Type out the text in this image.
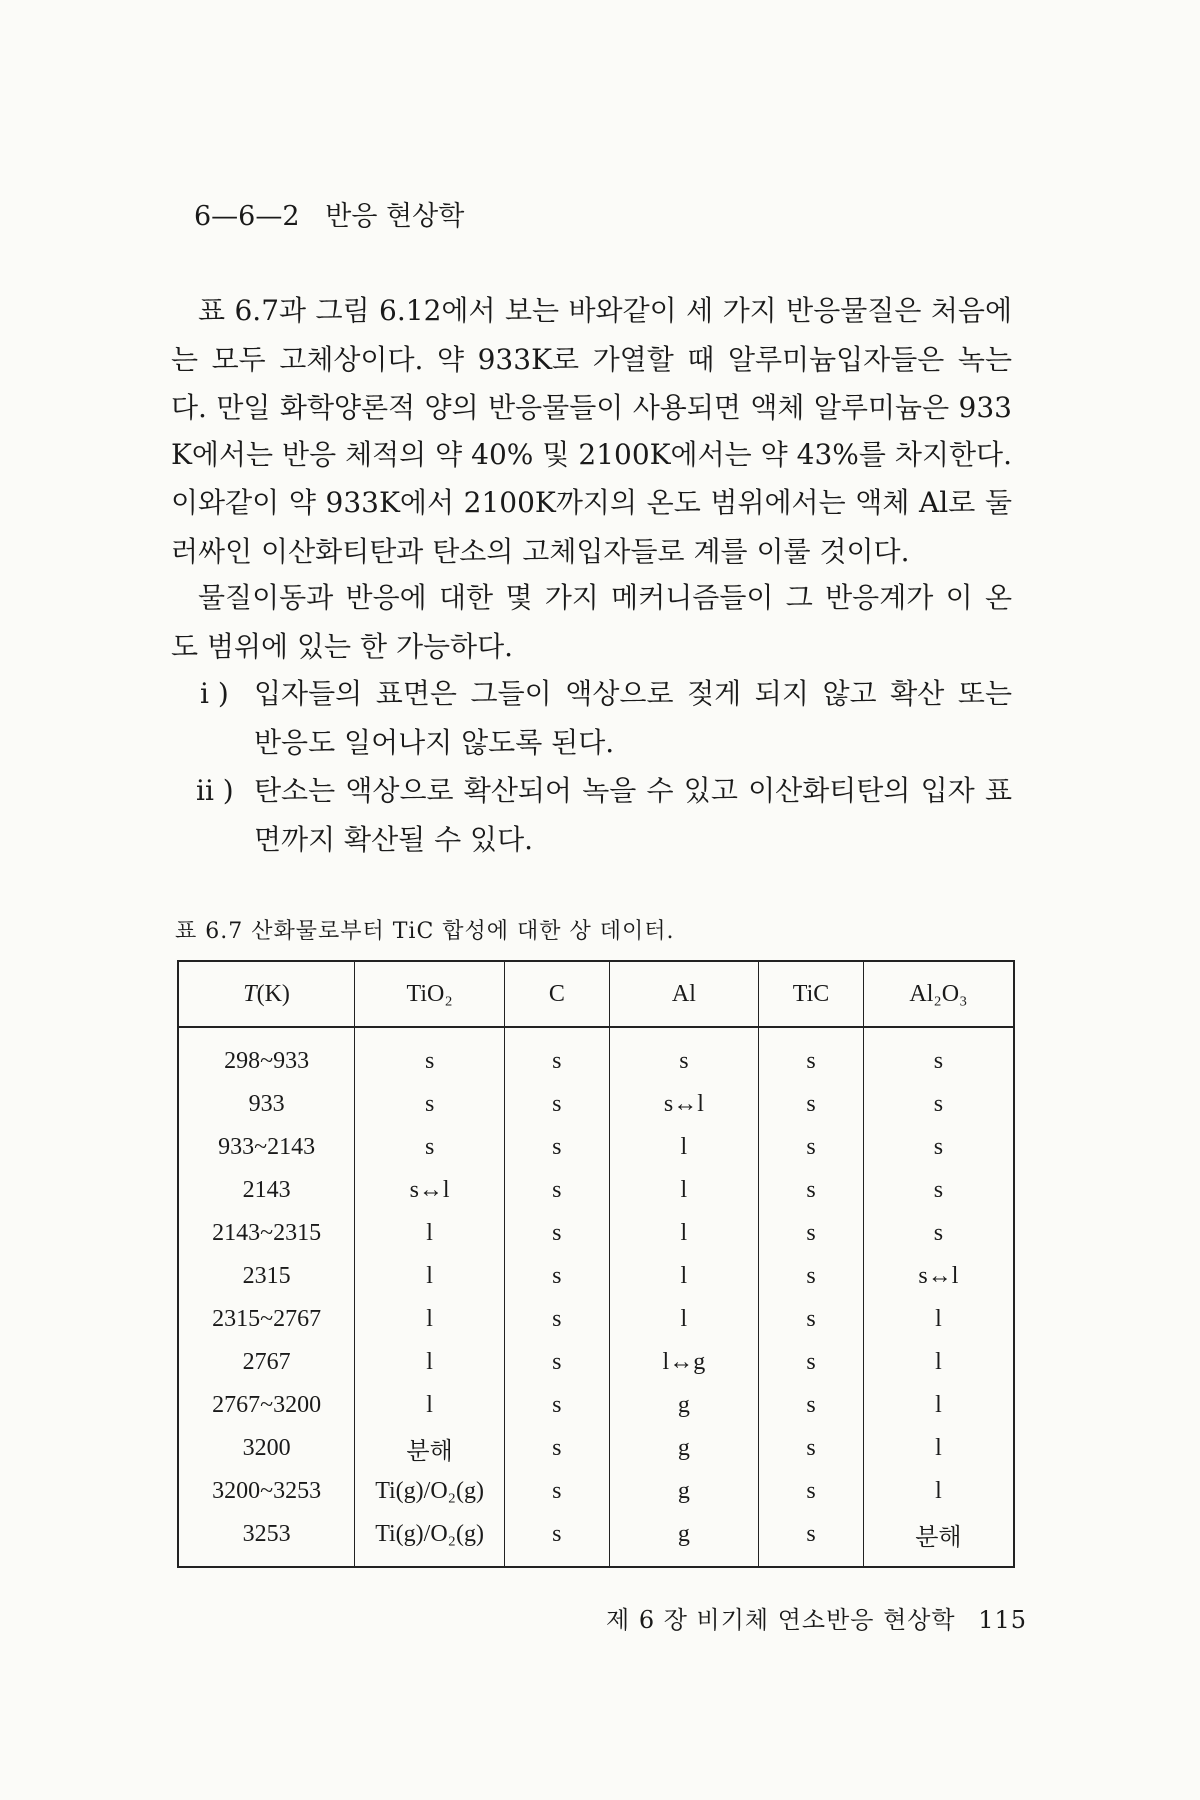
6—6—2 반응 현상학
표 6.7과 그림 6.12에서 보는 바와같이 세 가지 반응물질은 처음에
는 모두 고체상이다. 약 933K로 가열할 때 알루미늄입자들은 녹는
다. 만일 화학양론적 양의 반응물들이 사용되면 액체 알루미늄은 933
K에서는 반응 체적의 약 40% 및 2100K에서는 약 43%를 차지한다.
이와같이 약 933K에서 2100K까지의 온도 범위에서는 액체 Al로 둘
러싸인 이산화티탄과 탄소의 고체입자들로 계를 이룰 것이다.
물질이동과 반응에 대한 몇 가지 메커니즘들이 그 반응계가 이 온
도 범위에 있는 한 가능하다.
i ) 입자들의 표면은 그들이 액상으로 젖게 되지 않고 확산 또는
반응도 일어나지 않도록 된다.
ii ) 탄소는 액상으로 확산되어 녹을 수 있고 이산화티탄의 입자 표
면까지 확산될 수 있다.
표 6.7 산화물로부터 TiC 합성에 대한 상 데이터.
T(K)	TiO₂	C	Al	TiC	Al₂O₃
298~933	s	s	s	s	s
933	s	s	s↔l	s	s
933~2143	s	s	l	s	s
2143	s↔l	s	l	s	s
2143~2315	l	s	l	s	s
2315	l	s	l	s	s↔l
2315~2767	l	s	l	s	l
2767	l	s	l↔g	s	l
2767~3200	l	s	g	s	l
3200	분해	s	g	s	l
3200~3253	Ti(g)/O₂(g)	s	g	s	l
3253	Ti(g)/O₂(g)	s	g	s	분해
제 6 장 비기체 연소반응 현상학 115
